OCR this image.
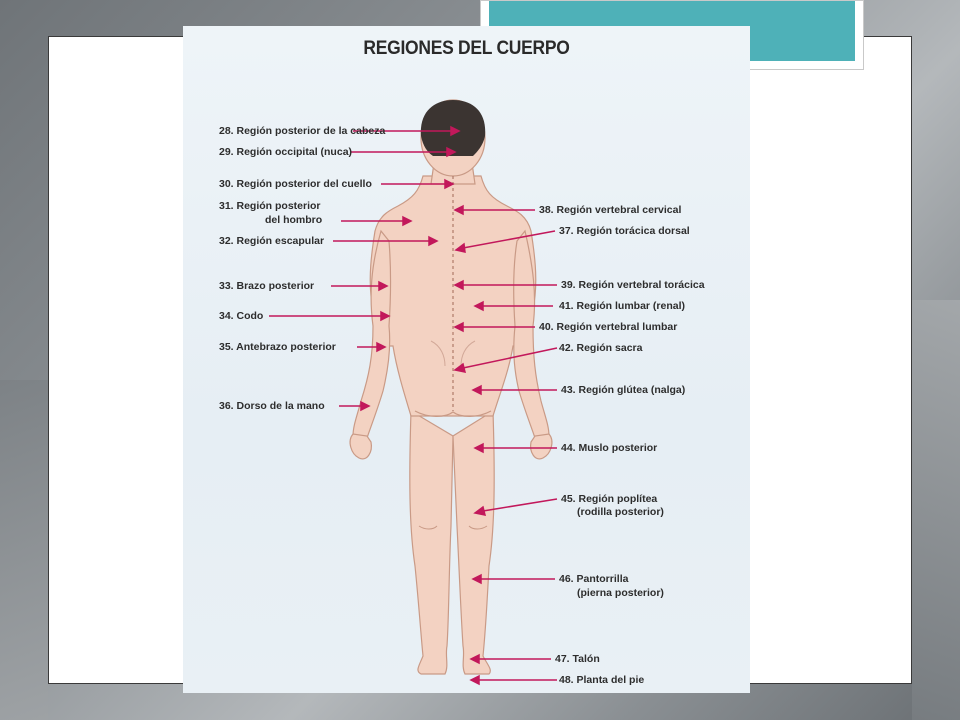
REGIONES DEL CUERPO
28. Región posterior de la cabeza
29. Región occipital (nuca)
30. Región posterior del cuello
31. Región posterior
del hombro
32. Región escapular
33. Brazo posterior
34. Codo
35. Antebrazo posterior
36. Dorso de la mano
38. Región vertebral cervical
37. Región torácica dorsal
39. Región vertebral torácica
41. Región lumbar (renal)
40. Región vertebral lumbar
42. Región sacra
43. Región glútea (nalga)
44. Muslo posterior
45. Región poplítea
(rodilla posterior)
46. Pantorrilla
(pierna posterior)
47. Talón
48. Planta del pie
